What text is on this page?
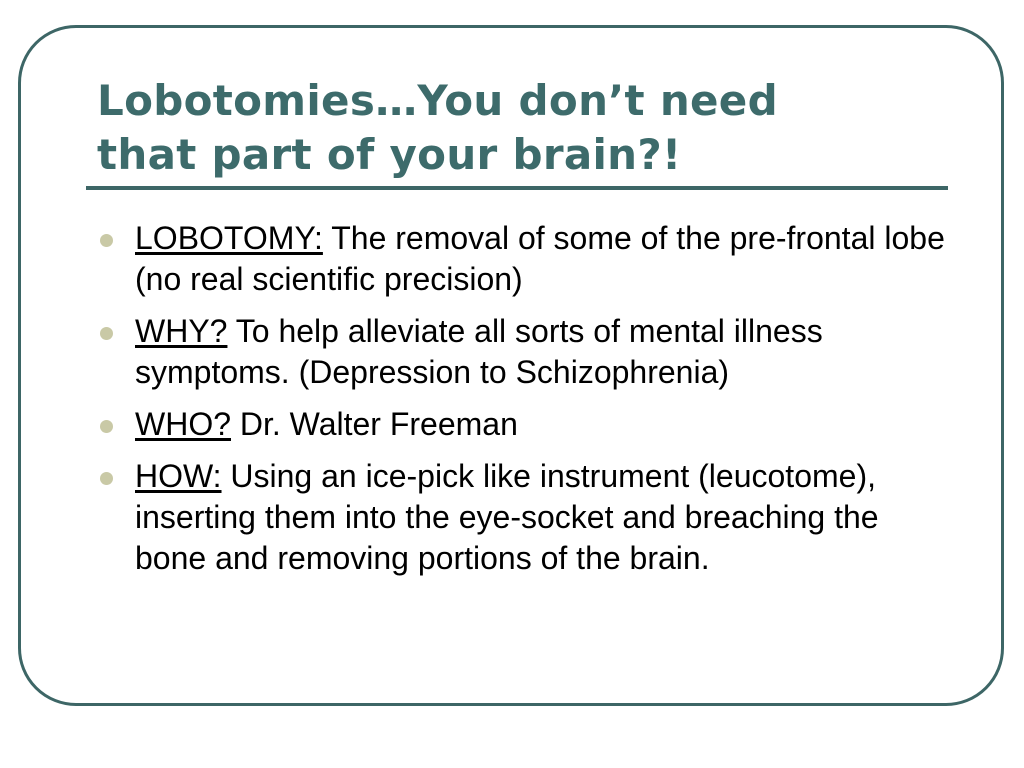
Lobotomies…You don’t need
that part of your brain?!
LOBOTOMY: The removal of some of the pre-frontal lobe (no real scientific precision)
WHY? To help alleviate all sorts of mental illness symptoms. (Depression to Schizophrenia)
WHO? Dr. Walter Freeman
HOW: Using an ice-pick like instrument (leucotome), inserting them into the eye-socket and breaching the bone and removing portions of the brain.
